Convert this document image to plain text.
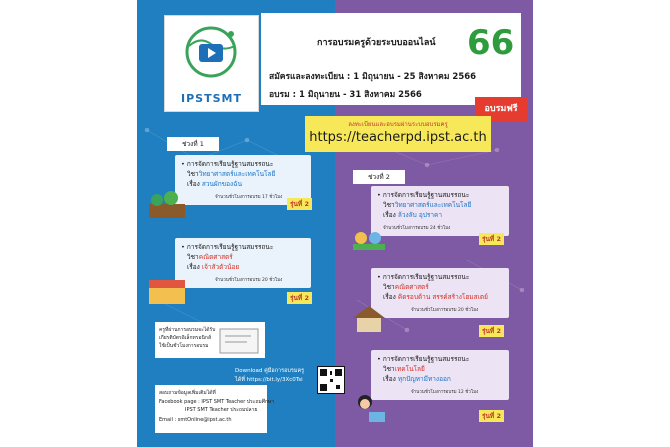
IPSTSMT
การอบรมครูด้วยระบบออนไลน์ 66
สมัครและลงทะเบียน : 1 มิถุนายน - 25 สิงหาคม 2566
อบรม : 1 มิถุนายน - 31 สิงหาคม 2566
อบรมฟรี
ลงทะเบียนและอบรมผ่านระบบอบรมครู
https://teacherpd.ipst.ac.th
ช่วงที่ 1
• การจัดการเรียนรู้ฐานสมรรถนะ
วิชาวิทยาศาสตร์และเทคโนโลยี
เรื่อง สวนผักของฉัน
จำนวนชั่วโมงการอบรม 17 ชั่วโมง
รุ่นที่ 2
• การจัดการเรียนรู้ฐานสมรรถนะ
วิชาคณิตศาสตร์
เรื่อง เจ้าสัวตัวน้อย
จำนวนชั่วโมงการอบรม 20 ชั่วโมง
รุ่นที่ 2
ครูที่ผ่านการอบรมจะได้รับ
เกียรติบัตรอิเล็กทรอนิกส์
ใช้เป็นชั่วโมงการอบรม
Download คู่มือการอบรมครู
ได้ที่ https://bit.ly/3Xc0Tsi
สอบถามข้อมูลเพิ่มเติมได้ที่
Facebook page : IPST SMT Teacher ประถมศึกษา
IPST SMT Teacher ประถมปลาย
Email : smtOnline@ipst.ac.th
ช่วงที่ 2
• การจัดการเรียนรู้ฐานสมรรถนะ
วิชาวิทยาศาสตร์และเทคโนโลยี
เรื่อง ล้วงลับ อุปราคา
จำนวนชั่วโมงการอบรม 24 ชั่วโมง
รุ่นที่ 2
• การจัดการเรียนรู้ฐานสมรรถนะ
วิชาคณิตศาสตร์
เรื่อง คิดรอบด้าน สรรค์สร้างโฮมสเตย์
จำนวนชั่วโมงการอบรม 20 ชั่วโมง
รุ่นที่ 2
• การจัดการเรียนรู้ฐานสมรรถนะ
วิชาเทคโนโลยี
เรื่อง ทุกปัญหามีทางออก
จำนวนชั่วโมงการอบรม 12 ชั่วโมง
รุ่นที่ 2
